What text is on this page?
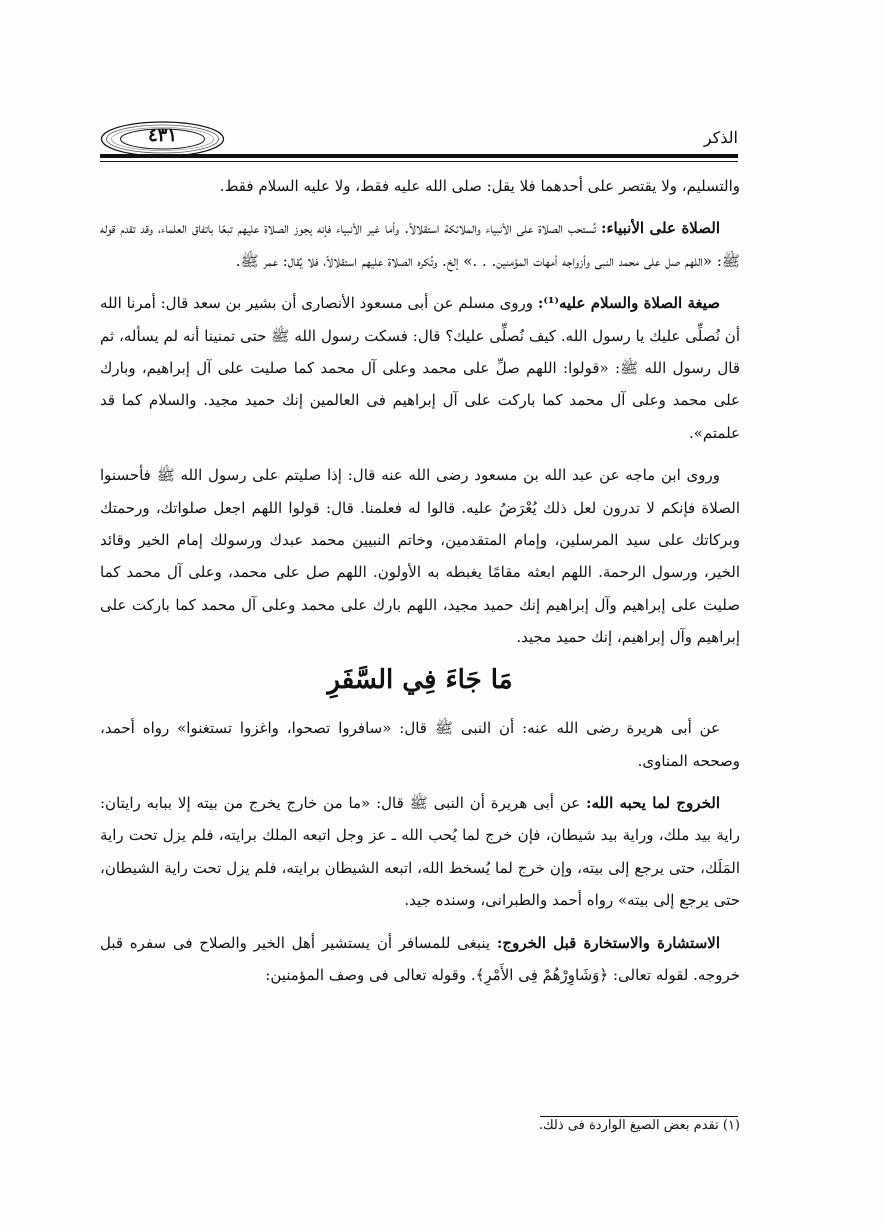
٤٣١	الذكر

والتسليم، ولا يقتصر على أحدهما فلا يقل: صلى الله عليه فقط، ولا عليه السلام فقط.

الصلاة على الأنبياء: تُستحب الصلاة على الأنبياء والملائكة استقلالاً. وأما غير الأنبياء فإنه يجوز الصلاة عليهم تبعًا باتفاق العلماء، وقد تقدم قوله ﷺ: «اللهم صل على محمد النبى وأزواجه أمهات المؤمنين. . .» إلخ. وتُكره الصلاة عليهم استقلالاً، فلا يُقال: عمر ﷺ.

صيغة الصلاة والسلام عليه⁽¹⁾: وروى مسلم عن أبى مسعود الأنصارى أن بشير بن سعد قال: أمرنا الله أن نُصلِّى عليك يا رسول الله. كيف نُصلِّى عليك؟ قال: فسكت رسول الله ﷺ حتى تمنينا أنه لم يسأله، ثم قال رسول الله ﷺ: «قولوا: اللهم صلِّ على محمد وعلى آل محمد كما صليت على آل إبراهيم، وبارك على محمد وعلى آل محمد كما باركت على آل إبراهيم فى العالمين إنك حميد مجيد. والسلام كما قد علمتم».

وروى ابن ماجه عن عبد الله بن مسعود رضى الله عنه قال: إذا صليتم على رسول الله ﷺ فأحسنوا الصلاة فإنكم لا تدرون لعل ذلك يُعْرَضُ عليه. قالوا له فعلمنا. قال: قولوا اللهم اجعل صلواتك، ورحمتك وبركاتك على سيد المرسلين، وإمام المتقدمين، وخاتم النبيين محمد عبدك ورسولك إمام الخير وقائد الخير، ورسول الرحمة. اللهم ابعثه مقامًا يغبطه به الأولون. اللهم صل على محمد، وعلى آل محمد كما صليت على إبراهيم وآل إبراهيم إنك حميد مجيد، اللهم بارك على محمد وعلى آل محمد كما باركت على إبراهيم وآل إبراهيم، إنك حميد مجيد.

مَا جَاءَ فِي السَّفَرِ

عن أبى هريرة رضى الله عنه: أن النبى ﷺ قال: «سافروا تصحوا، واغزوا تستغنوا» رواه أحمد، وصححه المناوى.

الخروج لما يحبه الله: عن أبى هريرة أن النبى ﷺ قال: «ما من خارج يخرج من بيته إلا ببابه رايتان: راية بيد ملك، وراية بيد شيطان، فإن خرج لما يُحب الله ـ عز وجل اتبعه الملك برايته، فلم يزل تحت راية المَلَك، حتى يرجع إلى بيته، وإن خرج لما يُسخط الله، اتبعه الشيطان برايته، فلم يزل تحت راية الشيطان، حتى يرجع إلى بيته» رواه أحمد والطبرانى، وسنده جيد.

الاستشارة والاستخارة قبل الخروج: ينبغى للمسافر أن يستشير أهل الخير والصلاح فى سفره قبل خروجه. لقوله تعالى: ﴿وَشَاوِرْهُمْ فِى الأَمْرِ﴾. وقوله تعالى فى وصف المؤمنين:

(١) تقدم بعض الصيغ الواردة فى ذلك.
